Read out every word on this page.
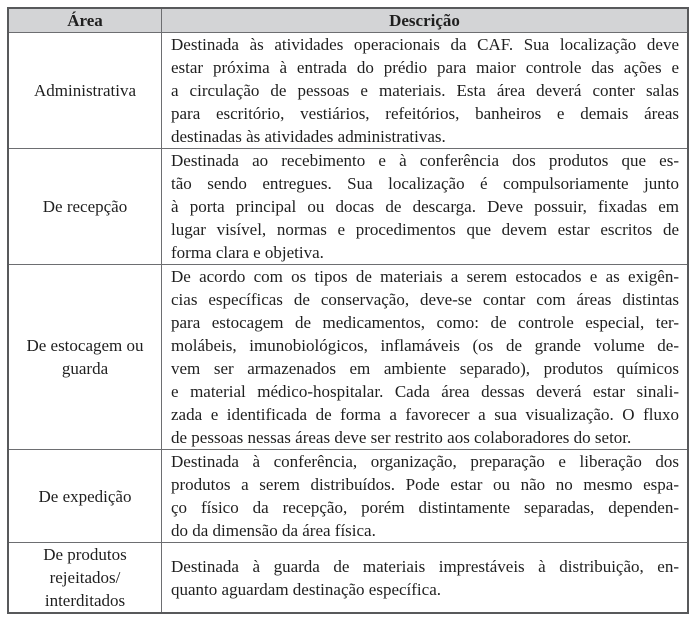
Área	Descrição
Administrativa
Destinada às atividades operacionais da CAF. Sua localização deve
estar próxima à entrada do prédio para maior controle das ações e
a circulação de pessoas e materiais. Esta área deverá conter salas
para escritório, vestiários, refeitórios, banheiros e demais áreas
destinadas às atividades administrativas.
De recepção
Destinada ao recebimento e à conferência dos produtos que es-
tão sendo entregues. Sua localização é compulsoriamente junto
à porta principal ou docas de descarga. Deve possuir, fixadas em
lugar visível, normas e procedimentos que devem estar escritos de
forma clara e objetiva.
De estocagem ou
guarda
De acordo com os tipos de materiais a serem estocados e as exigên-
cias específicas de conservação, deve-se contar com áreas distintas
para estocagem de medicamentos, como: de controle especial, ter-
molábeis, imunobiológicos, inflamáveis (os de grande volume de-
vem ser armazenados em ambiente separado), produtos químicos
e material médico-hospitalar. Cada área dessas deverá estar sinali-
zada e identificada de forma a favorecer a sua visualização. O fluxo
de pessoas nessas áreas deve ser restrito aos colaboradores do setor.
De expedição
Destinada à conferência, organização, preparação e liberação dos
produtos a serem distribuídos. Pode estar ou não no mesmo espa-
ço físico da recepção, porém distintamente separadas, dependen-
do da dimensão da área física.
De produtos
rejeitados/
interditados
Destinada à guarda de materiais imprestáveis à distribuição, en-
quanto aguardam destinação específica.
